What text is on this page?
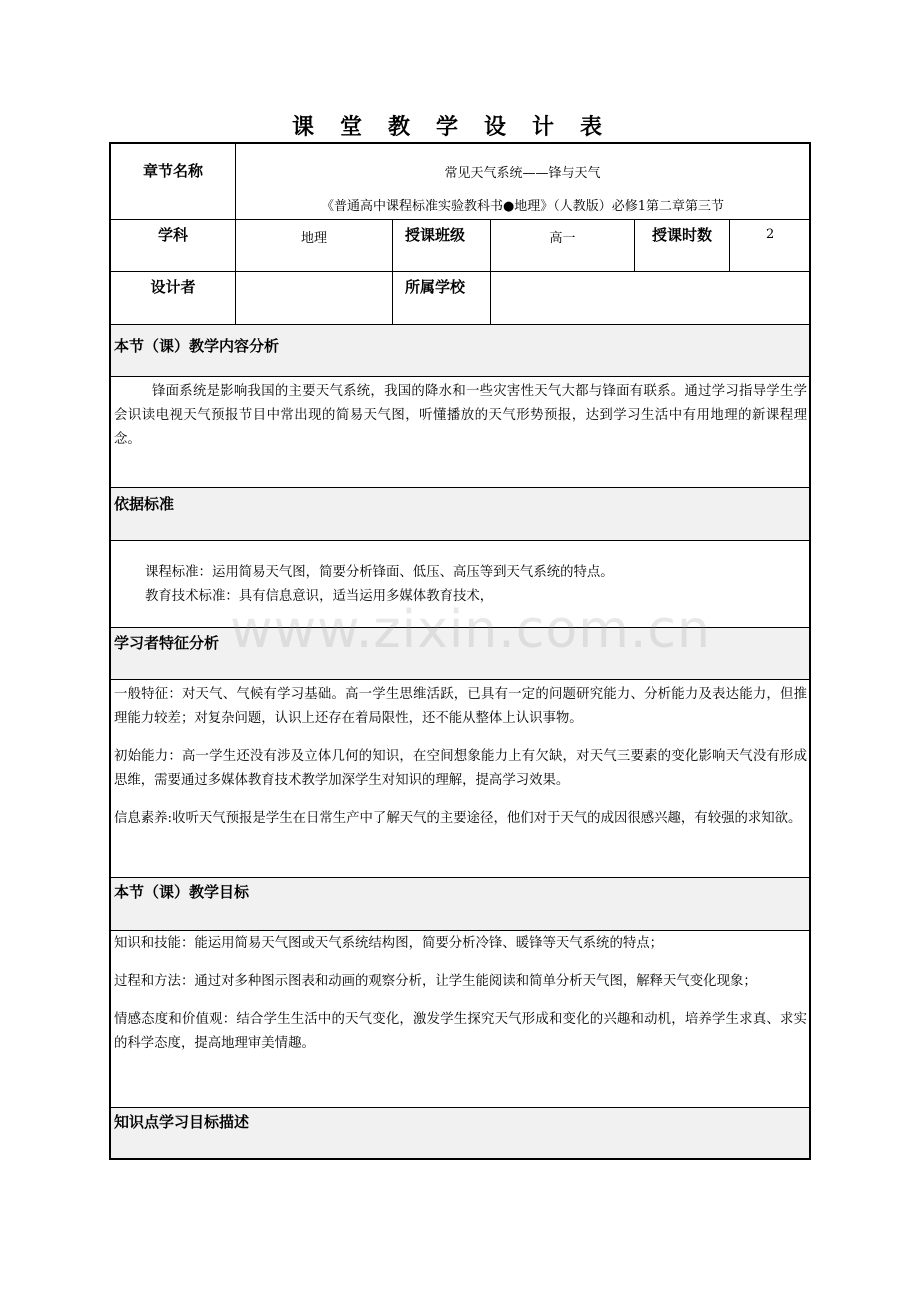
课堂教学设计表
章节名称	常见天气系统——锋与天气
《普通高中课程标准实验教科书●地理》（人教版）必修1第二章第三节
学科	地理	授课班级	高一	授课时数	2
设计者	所属学校
本节（课）教学内容分析

锋面系统是影响我国的主要天气系统，我国的降水和一些灾害性天气大都与锋面有联系。通过学习指导学生学会识读电视天气预报节目中常出现的简易天气图，听懂播放的天气形势预报，达到学习生活中有用地理的新课程理念。

依据标准

课程标准：运用简易天气图，简要分析锋面、低压、高压等到天气系统的特点。

教育技术标准：具有信息意识，适当运用多媒体教育技术，

学习者特征分析

一般特征：对天气、气候有学习基础。高一学生思维活跃，已具有一定的问题研究能力、分析能力及表达能力，但推理能力较差；对复杂问题，认识上还存在着局限性，还不能从整体上认识事物。

初始能力：高一学生还没有涉及立体几何的知识，在空间想象能力上有欠缺，对天气三要素的变化影响天气没有形成思维，需要通过多媒体教育技术教学加深学生对知识的理解，提高学习效果。

信息素养:收听天气预报是学生在日常生产中了解天气的主要途径，他们对于天气的成因很感兴趣，有较强的求知欲。

本节（课）教学目标

知识和技能：能运用简易天气图或天气系统结构图，简要分析冷锋、暖锋等天气系统的特点；

过程和方法：通过对多种图示图表和动画的观察分析，让学生能阅读和简单分析天气图，解释天气变化现象；

情感态度和价值观：结合学生生活中的天气变化，激发学生探究天气形成和变化的兴趣和动机，培养学生求真、求实的科学态度，提高地理审美情趣。

知识点学习目标描述
www.zixin.com.cn
